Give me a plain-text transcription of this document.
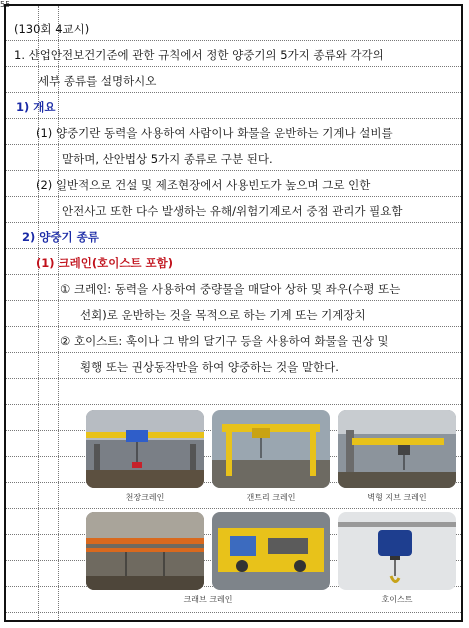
55
(130회 4교시)
1. 산업안전보건기준에 관한 규칙에서 정한 양중기의 5가지 종류와 각각의
세부 종류를 설명하시오
1) 개요
(1) 양중기란 동력을 사용하여 사람이나 화물을 운반하는 기계나 설비를
말하며, 산안법상 5가지 종류로 구분 된다.
(2) 일반적으로 건설 및 제조현장에서 사용빈도가 높으며 그로 인한
안전사고 또한 다수 발생하는 유해/위험기계로서 중점 관리가 필요함
2) 양중기 종류
(1) 크레인(호이스트 포함)
① 크레인: 동력을 사용하여 중량물을 매달아 상하 및 좌우(수평 또는
선회)로 운반하는 것을 목적으로 하는 기계 또는 기계장치
② 호이스트: 훅이나 그 밖의 달기구 등을 사용하여 화물을 권상 및
횡행 또는 권상동작만을 하여 양중하는 것을 말한다.
천장크레인	갠트리 크레인	벽형 지브 크레인
크래브 크레인	호이스트
